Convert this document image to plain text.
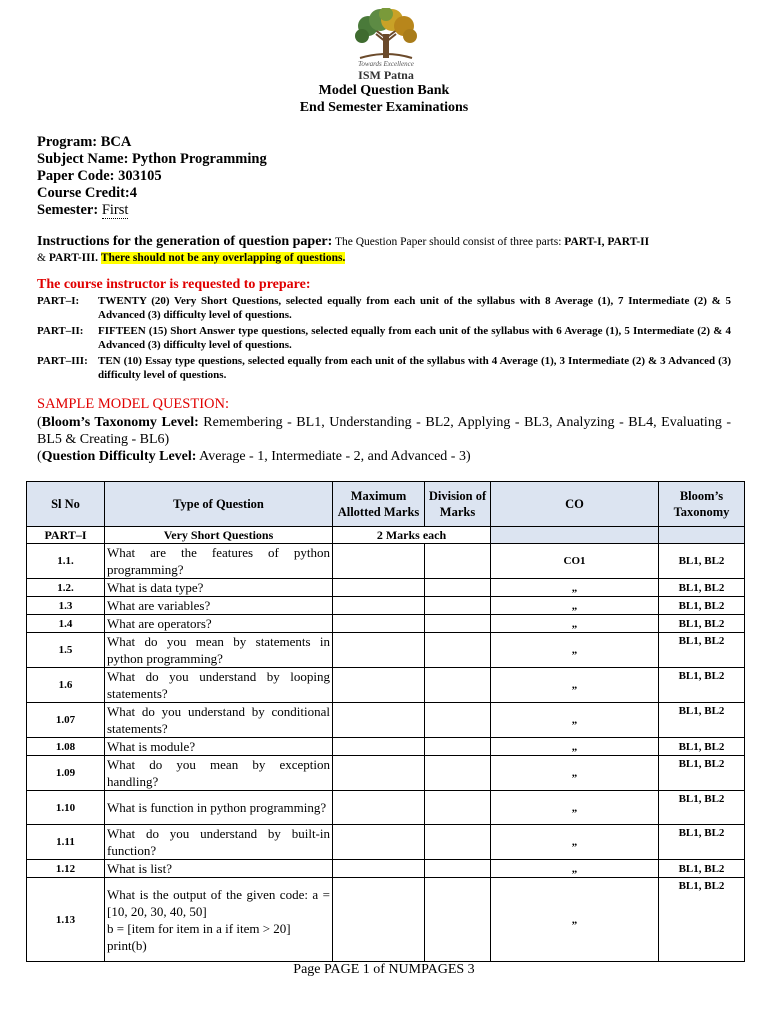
Towards Excellence
ISM Patna
Model Question Bank
End Semester Examinations
Program: BCA
Subject Name: Python Programming
Paper Code: 303105
Course Credit:4
Semester: First
Instructions for the generation of question paper: The Question Paper should consist of three parts: PART-I, PART-II
& PART-III. There should not be any overlapping of questions.
The course instructor is requested to prepare:
PART–I: TWENTY (20) Very Short Questions, selected equally from each unit of the syllabus with 8 Average (1), 7 Intermediate (2) & 5 Advanced (3) difficulty level of questions.
PART–II: FIFTEEN (15) Short Answer type questions, selected equally from each unit of the syllabus with 6 Average (1), 5 Intermediate (2) & 4 Advanced (3) difficulty level of questions.
PART–III: TEN (10) Essay type questions, selected equally from each unit of the syllabus with 4 Average (1), 3 Intermediate (2) & 3 Advanced (3) difficulty level of questions.
SAMPLE MODEL QUESTION:
(Bloom’s Taxonomy Level: Remembering - BL1, Understanding - BL2, Applying - BL3, Analyzing - BL4, Evaluating - BL5 & Creating - BL6)
(Question Difficulty Level: Average - 1, Intermediate - 2, and Advanced - 3)
Sl No	Type of Question	Maximum Allotted Marks	Division of Marks	CO	Bloom’s Taxonomy
PART–I	Very Short Questions	2 Marks each			
1.1.	What are the features of python programming?			CO1	BL1, BL2
1.2.	What is data type?			„	BL1, BL2
1.3	What are variables?			„	BL1, BL2
1.4	What are operators?			„	BL1, BL2
1.5	What do you mean by statements in python programming?			„	BL1, BL2
1.6	What do you understand by looping statements?			„	BL1, BL2
1.07	What do you understand by conditional statements?			„	BL1, BL2
1.08	What is module?			„	BL1, BL2
1.09	What do you mean by exception handling?			„	BL1, BL2
1.10	What is function in python programming?			„	BL1, BL2
1.11	What do you understand by built-in function?			„	BL1, BL2
1.12	What is list?			„	BL1, BL2
1.13	What is the output of the given code: a = [10, 20, 30, 40, 50]
b = [item for item in a if item > 20]
print(b)			„	BL1, BL2
Page PAGE 1 of NUMPAGES 3
